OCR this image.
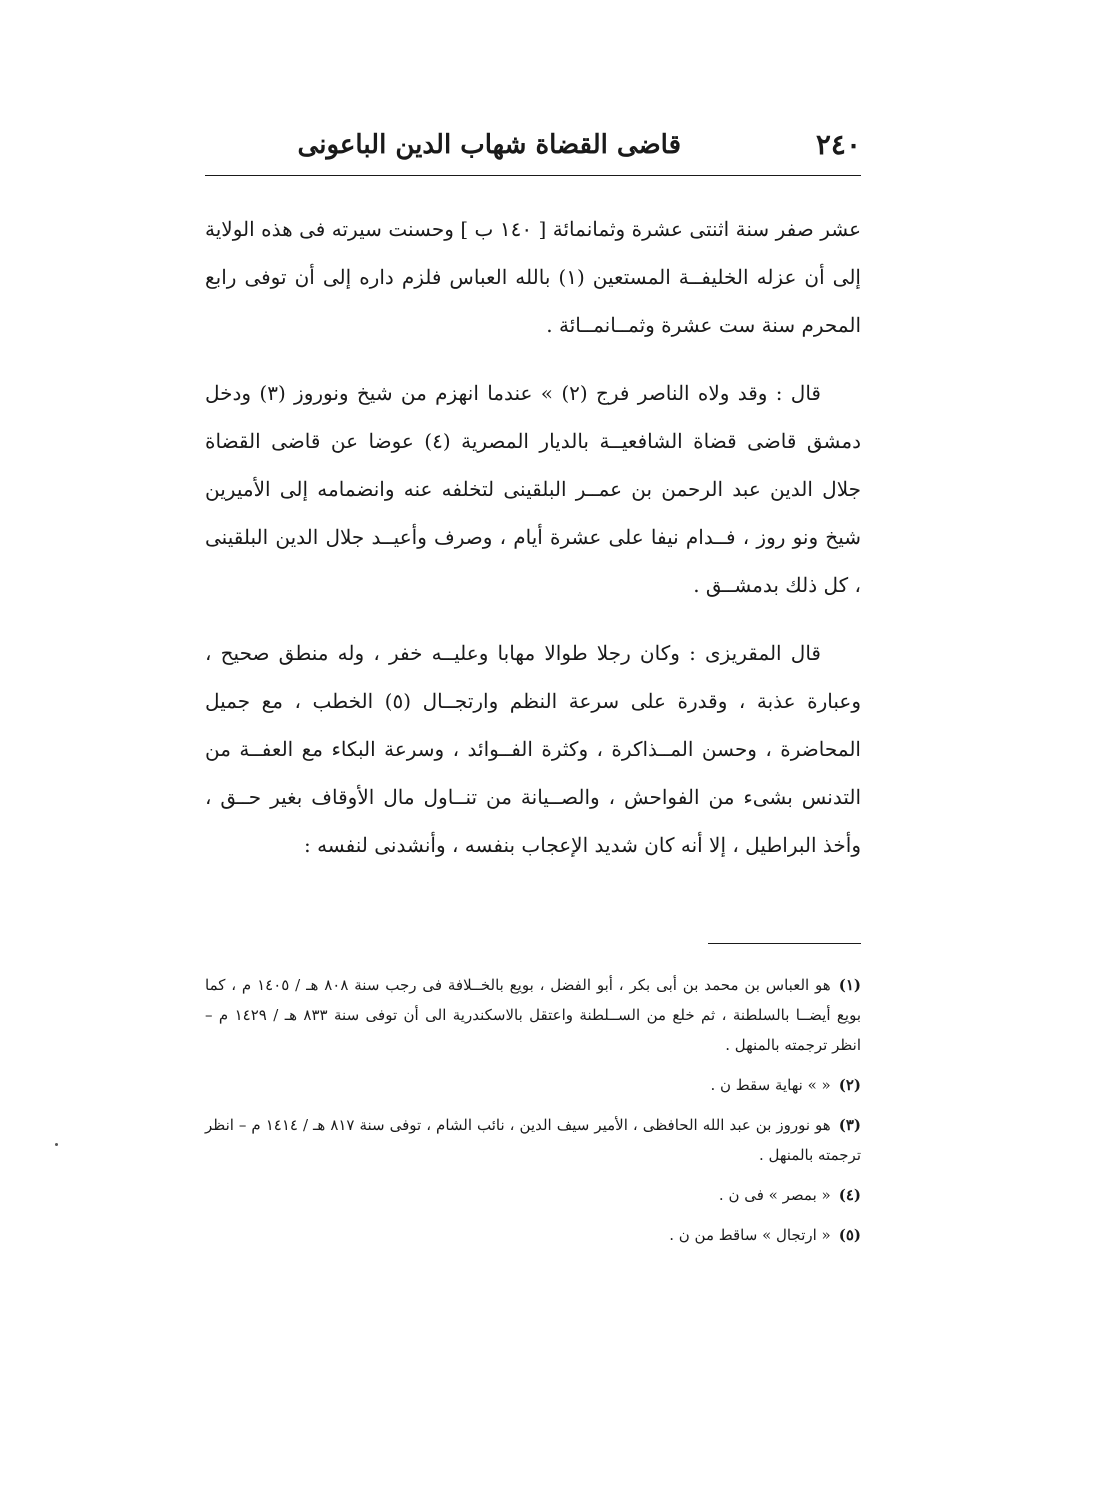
٢٤٠
قاضى القضاة شهاب الدين الباعونى

عشر صفر سنة اثنتى عشرة وثمانمائة [ ١٤٠ ب ] وحسنت سيرته فى هذه الولاية إلى أن عزله الخليفــة المستعين (١) بالله العباس فلزم داره إلى أن توفى رابع المحرم سنة ست عشرة وثمــانمــائة .

قال : وقد ولاه الناصر فرج (٢) » عندما انهزم من شيخ ونوروز (٣) ودخل دمشق قاضى قضاة الشافعيــة بالديار المصرية (٤) عوضا عن قاضى القضاة جلال الدين عبد الرحمن بن عمــر البلقينى لتخلفه عنه وانضمامه إلى الأميرين شيخ ونو روز ، فــدام نيفا على عشرة أيام ، وصرف وأعيــد جلال الدين البلقينى ، كل ذلك بدمشــق .

قال المقريزى : وكان رجلا طوالا مهابا وعليــه خفر ، وله منطق صحيح ، وعبارة عذبة ، وقدرة على سرعة النظم وارتجــال (٥) الخطب ، مع جميل المحاضرة ، وحسن المــذاكرة ، وكثرة الفــوائد ، وسرعة البكاء مع العفــة من التدنس بشىء من الفواحش ، والصــيانة من تنــاول مال الأوقاف بغير حــق ، وأخذ البراطيل ، إلا أنه كان شديد الإعجاب بنفسه ، وأنشدنى لنفسه :

(١)هو العباس بن محمد بن أبى بكر ، أبو الفضل ، بويع بالخــلافة فى رجب سنة ٨٠٨ هـ / ١٤٠٥ م ، كما بويع أيضــا بالسلطنة ، ثم خلع من الســلطنة واعتقل بالاسكندرية الى أن توفى سنة ٨٣٣ هـ / ١٤٢٩ م – انظر ترجمته بالمنهل .

(٢)« » نهاية سقط ن .

(٣)هو نوروز بن عبد الله الحافظى ، الأمير سيف الدين ، نائب الشام ، توفى سنة ٨١٧ هـ / ١٤١٤ م – انظر ترجمته بالمنهل .

(٤)« بمصر » فى ن .

(٥)« ارتجال » ساقط من ن .
